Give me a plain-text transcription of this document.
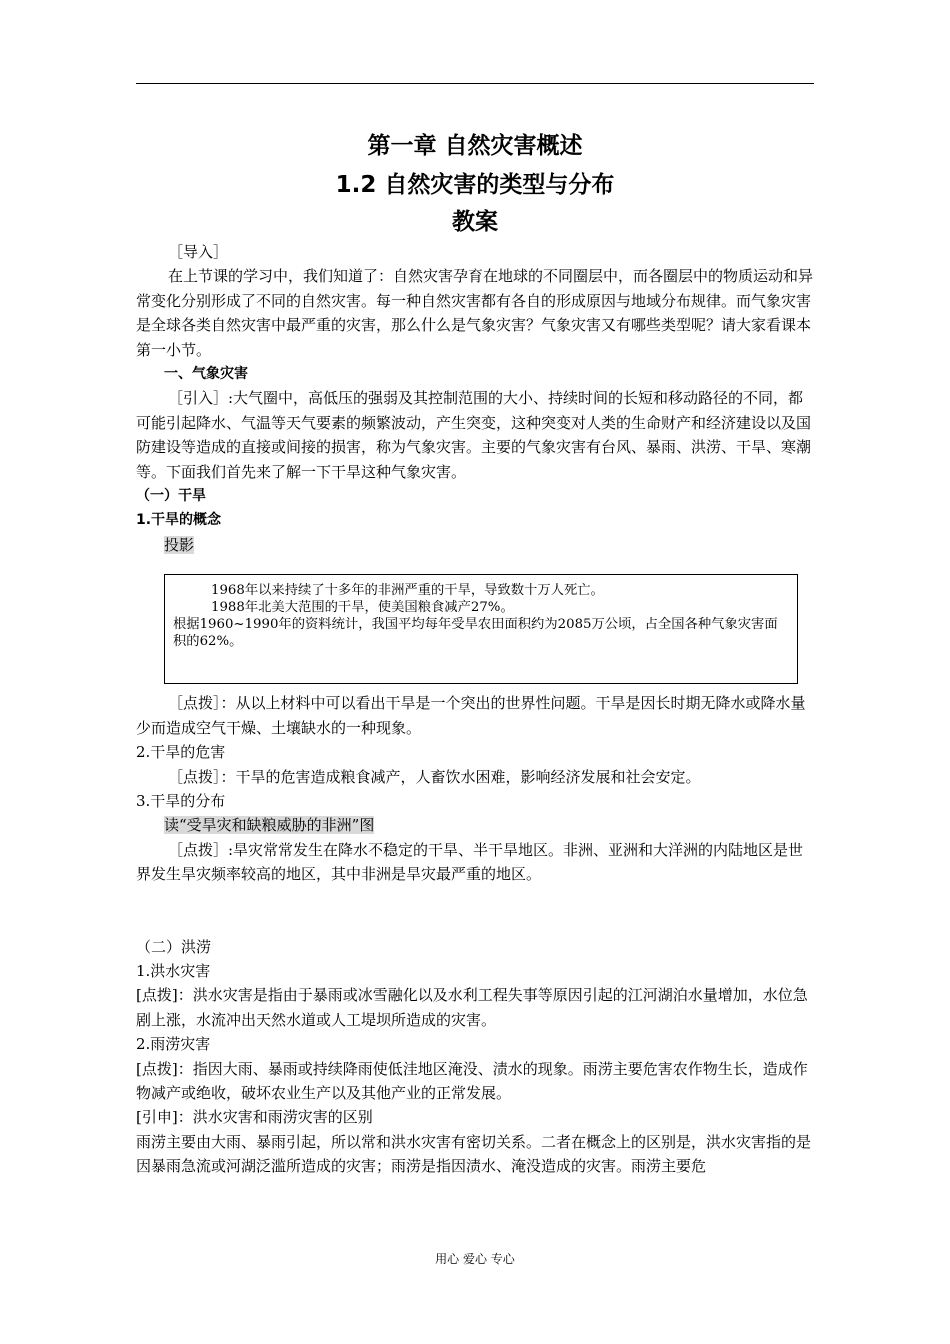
第一章 自然灾害概述
1.2 自然灾害的类型与分布
教案

［导入］

在上节课的学习中，我们知道了：自然灾害孕育在地球的不同圈层中，而各圈层中的物质运动和异常变化分别形成了不同的自然灾害。每一种自然灾害都有各自的形成原因与地域分布规律。而气象灾害是全球各类自然灾害中最严重的灾害，那么什么是气象灾害？气象灾害又有哪些类型呢？请大家看课本第一小节。

一、气象灾害

［引入］:大气圈中，高低压的强弱及其控制范围的大小、持续时间的长短和移动路径的不同，都可能引起降水、气温等天气要素的频繁波动，产生突变，这种突变对人类的生命财产和经济建设以及国防建设等造成的直接或间接的损害，称为气象灾害。主要的气象灾害有台风、暴雨、洪涝、干旱、寒潮等。下面我们首先来了解一下干旱这种气象灾害。

（一）干旱

1.干旱的概念

投影

1968年以来持续了十多年的非洲严重的干旱，导致数十万人死亡。
1988年北美大范围的干旱，使美国粮食减产27%。
根据1960~1990年的资料统计，我国平均每年受旱农田面积约为2085万公顷，占全国各种气象灾害面积的62%。

［点拨］：从以上材料中可以看出干旱是一个突出的世界性问题。干旱是因长时期无降水或降水量少而造成空气干燥、土壤缺水的一种现象。

2.干旱的危害

［点拨］：干旱的危害造成粮食减产，人畜饮水困难，影响经济发展和社会安定。

3.干旱的分布

读“受旱灾和缺粮威胁的非洲”图

［点拨］:旱灾常常发生在降水不稳定的干旱、半干旱地区。非洲、亚洲和大洋洲的内陆地区是世界发生旱灾频率较高的地区，其中非洲是旱灾最严重的地区。

（二）洪涝

1.洪水灾害

[点拨]：洪水灾害是指由于暴雨或冰雪融化以及水利工程失事等原因引起的江河湖泊水量增加，水位急剧上涨，水流冲出天然水道或人工堤坝所造成的灾害。

2.雨涝灾害

[点拨]：指因大雨、暴雨或持续降雨使低洼地区淹没、渍水的现象。雨涝主要危害农作物生长，造成作物减产或绝收，破坏农业生产以及其他产业的正常发展。

[引申]：洪水灾害和雨涝灾害的区别

雨涝主要由大雨、暴雨引起，所以常和洪水灾害有密切关系。二者在概念上的区别是，洪水灾害指的是因暴雨急流或河湖泛滥所造成的灾害；雨涝是指因渍水、淹没造成的灾害。雨涝主要危

用心 爱心 专心
